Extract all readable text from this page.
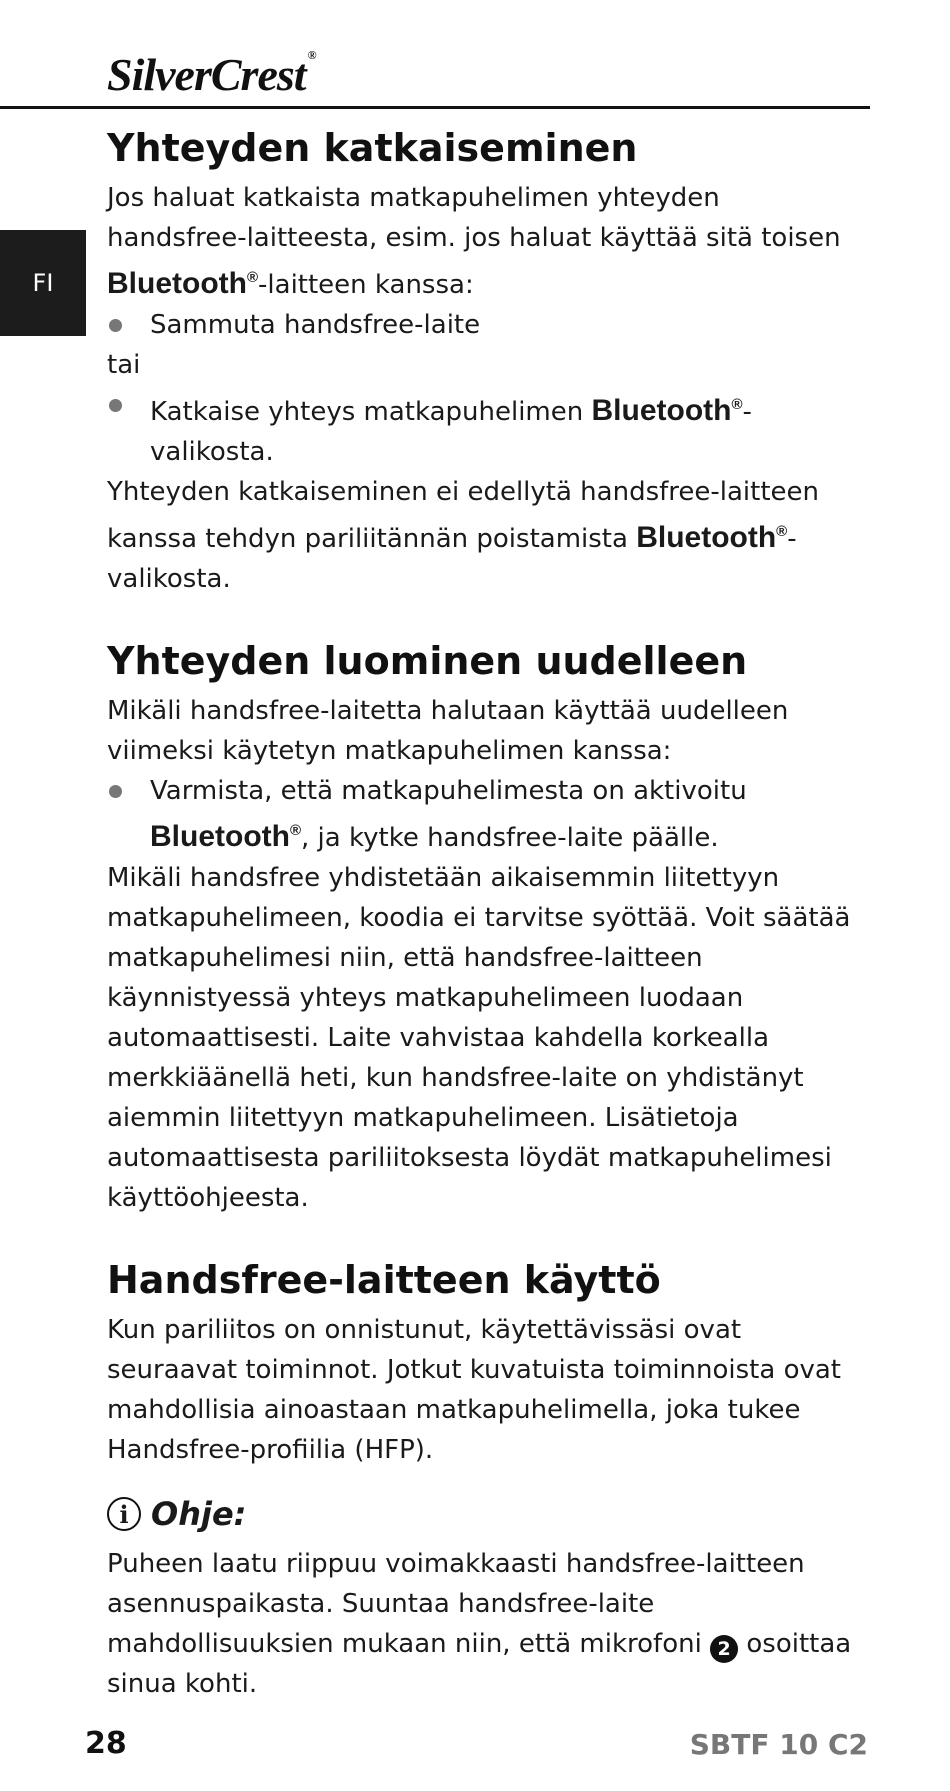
SilverCrest ®
FI
Yhteyden katkaiseminen

Jos haluat katkaista matkapuhelimen yhteyden handsfree-laitteesta, esim. jos haluat käyttää sitä toisen Bluetooth®-laitteen kanssa:

Sammuta handsfree-laite

tai

Katkaise yhteys matkapuhelimen Bluetooth®-valikosta.

Yhteyden katkaiseminen ei edellytä handsfree-laitteen kanssa tehdyn pariliitännän poistamista Bluetooth®-valikosta.

Yhteyden luominen uudelleen

Mikäli handsfree-laitetta halutaan käyttää uudelleen viimeksi käytetyn matkapuhelimen kanssa:

Varmista, että matkapuhelimesta on aktivoitu Bluetooth®, ja kytke handsfree-laite päälle.

Mikäli handsfree yhdistetään aikaisemmin liitettyyn matkapuhelimeen, koodia ei tarvitse syöttää. Voit säätää matkapuhelimesi niin, että handsfree-laitteen käynnistyessä yhteys matkapuhelimeen luodaan automaattisesti. Laite vahvistaa kahdella korkealla merkkiäänellä heti, kun handsfree-laite on yhdistänyt aiemmin liitettyyn matkapuhelimeen. Lisätietoja automaattisesta pariliitoksesta löydät matkapuhelimesi käyttöohjeesta.

Handsfree-laitteen käyttö

Kun pariliitos on onnistunut, käytettävissäsi ovat seuraavat toiminnot. Jotkut kuvatuista toiminnoista ovat mahdollisia ainoastaan matkapuhelimella, joka tukee Handsfree-profiilia (HFP).

i Ohje:

Puheen laatu riippuu voimakkaasti handsfree-laitteen asennuspaikasta. Suuntaa handsfree-laite mahdollisuuksien mukaan niin, että mikrofoni 2 osoittaa sinua kohti.

28	SBTF 10 C2
